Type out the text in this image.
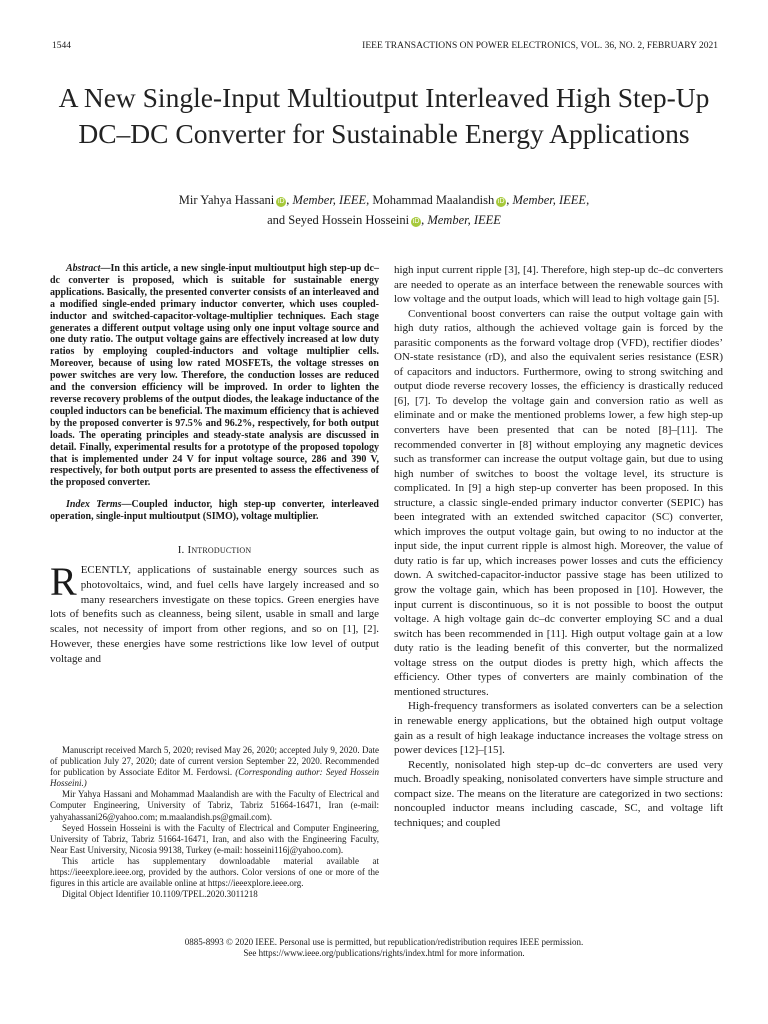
1544	IEEE TRANSACTIONS ON POWER ELECTRONICS, VOL. 36, NO. 2, FEBRUARY 2021
A New Single-Input Multioutput Interleaved High Step-Up DC–DC Converter for Sustainable Energy Applications
Mir Yahya Hassani iD , Member, IEEE, Mohammad Maalandish iD , Member, IEEE,
and Seyed Hossein Hosseini iD , Member, IEEE

Abstract—In this article, a new single-input multioutput high step-up dc–dc converter is proposed, which is suitable for sustainable energy applications. Basically, the presented converter consists of an interleaved and a modified single-ended primary inductor converter, which uses coupled-inductor and switched-capacitor-voltage-multiplier techniques. Each stage generates a different output voltage using only one input voltage source and one duty ratio. The output voltage gains are effectively increased at low duty ratios by employing coupled-inductors and voltage multiplier cells. Moreover, because of using low rated MOSFETs, the voltage stresses on power switches are very low. Therefore, the conduction losses are reduced and the conversion efficiency will be improved. In order to lighten the reverse recovery problems of the output diodes, the leakage inductance of the coupled inductors can be beneficial. The maximum efficiency that is achieved by the proposed converter is 97.5% and 96.2%, respectively, for both output loads. The operating principles and steady-state analysis are discussed in detail. Finally, experimental results for a prototype of the proposed topology that is implemented under 24 V for input voltage source, 286 and 390 V, respectively, for both output ports are presented to assess the effectiveness of the proposed converter.

Index Terms—Coupled inductor, high step-up converter, interleaved operation, single-input multioutput (SIMO), voltage multiplier.

I. Introduction

RECENTLY, applications of sustainable energy sources such as photovoltaics, wind, and fuel cells have largely increased and so many researchers investigate on these topics. Green energies have lots of benefits such as cleanness, being silent, usable in small and large scales, not necessity of import from other regions, and so on [1], [2]. However, these energies have some restrictions like low level of output voltage and

Manuscript received March 5, 2020; revised May 26, 2020; accepted July 9, 2020. Date of publication July 27, 2020; date of current version September 22, 2020. Recommended for publication by Associate Editor M. Ferdowsi. (Corresponding author: Seyed Hossein Hosseini.)

Mir Yahya Hassani and Mohammad Maalandish are with the Faculty of Electrical and Computer Engineering, University of Tabriz, Tabriz 51664-16471, Iran (e-mail: yahyahassani26@yahoo.com; m.maalandish.ps@gmail.com).

Seyed Hossein Hosseini is with the Faculty of Electrical and Computer Engineering, University of Tabriz, Tabriz 51664-16471, Iran, and also with the Engineering Faculty, Near East University, Nicosia 99138, Turkey (e-mail: hosseini116j@yahoo.com).

This article has supplementary downloadable material available at https://ieeexplore.ieee.org, provided by the authors. Color versions of one or more of the figures in this article are available online at https://ieeexplore.ieee.org.

Digital Object Identifier 10.1109/TPEL.2020.3011218

high input current ripple [3], [4]. Therefore, high step-up dc–dc converters are needed to operate as an interface between the renewable sources with low voltage and the output loads, which will lead to high voltage gain [5].

Conventional boost converters can raise the output voltage gain with high duty ratios, although the achieved voltage gain is forced by the parasitic components as the forward voltage drop (VFD), rectifier diodes’ ON-state resistance (rD), and also the equivalent series resistance (ESR) of capacitors and inductors. Furthermore, owing to strong switching and output diode reverse recovery losses, the efficiency is drastically reduced [6], [7]. To develop the voltage gain and conversion ratio as well as eliminate and or make the mentioned problems lower, a few high step-up converters have been presented that can be noted [8]–[11]. The recommended converter in [8] without employing any magnetic devices such as transformer can increase the output voltage gain, but due to using high number of switches to boost the voltage level, its structure is complicated. In [9] a high step-up converter has been proposed. In this structure, a classic single-ended primary inductor converter (SEPIC) has been integrated with an extended switched capacitor (SC) converter, which improves the output voltage gain, but owing to no inductor at the input side, the input current ripple is almost high. Moreover, the value of duty ratio is far up, which increases power losses and cuts the efficiency down. A switched-capacitor-inductor passive stage has been utilized to grow the voltage gain, which has been proposed in [10]. However, the input current is discontinuous, so it is not possible to boost the output voltage. A high voltage gain dc–dc converter employing SC and a dual switch has been recommended in [11]. High output voltage gain at a low duty ratio is the leading benefit of this converter, but the normalized voltage stress on the output diodes is pretty high, which affects the efficiency. Other types of converters are mainly combination of the mentioned structures.

High-frequency transformers as isolated converters can be a selection in renewable energy applications, but the obtained high output voltage gain as a result of high leakage inductance increases the voltage stress on power devices [12]–[15].

Recently, nonisolated high step-up dc–dc converters are used very much. Broadly speaking, nonisolated converters have simple structure and compact size. The means on the literature are categorized in two sections: noncoupled inductor means including cascade, SC, and voltage lift techniques; and coupled

0885-8993 © 2020 IEEE. Personal use is permitted, but republication/redistribution requires IEEE permission.
See https://www.ieee.org/publications/rights/index.html for more information.
